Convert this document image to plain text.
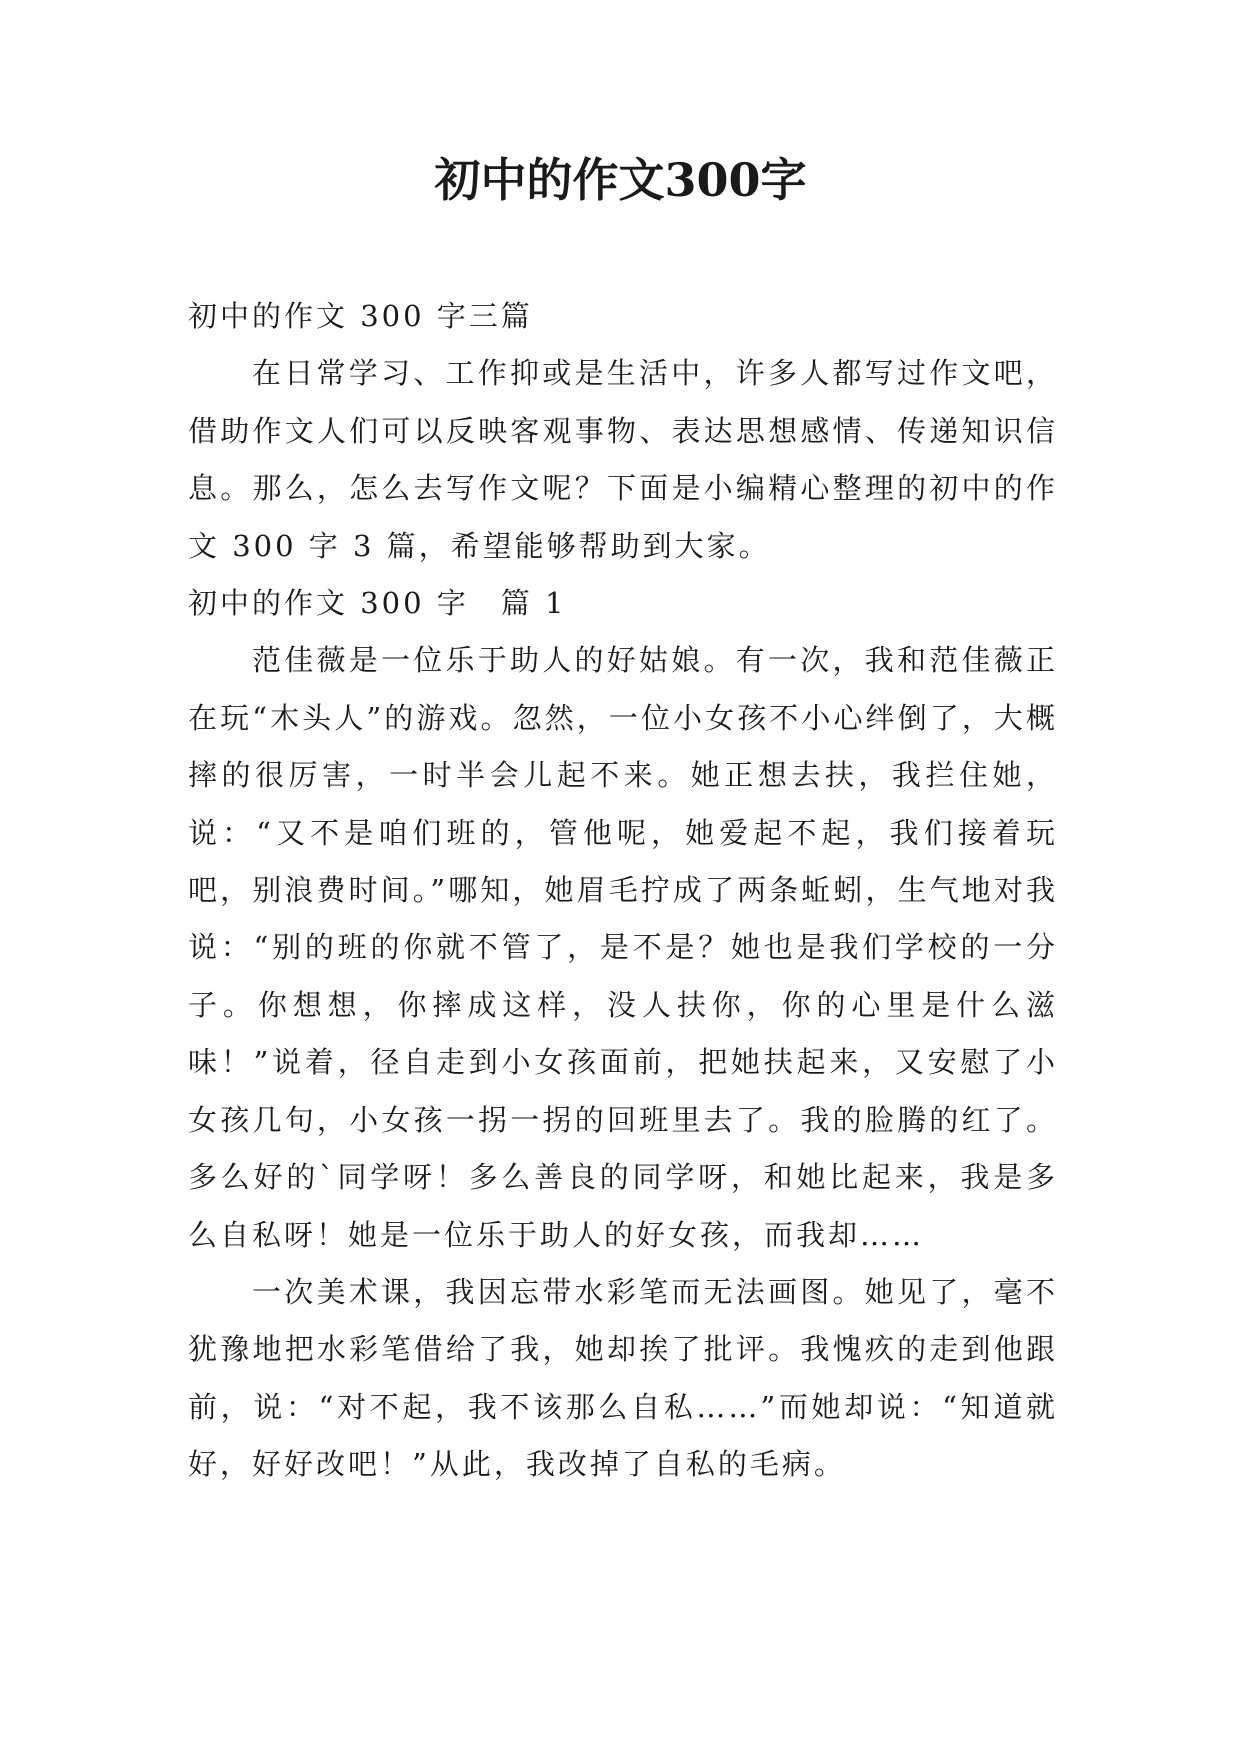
初中的作文300字

初中的作文 300 字三篇

在日常学习、工作抑或是生活中，许多人都写过作文吧，借助作文人们可以反映客观事物、表达思想感情、传递知识信息。那么，怎么去写作文呢？下面是小编精心整理的初中的作文 300 字 3 篇，希望能够帮助到大家。

初中的作文 300 字　篇 1

范佳薇是一位乐于助人的好姑娘。有一次，我和范佳薇正在玩“木头人”的游戏。忽然，一位小女孩不小心绊倒了，大概摔的很厉害，一时半会儿起不来。她正想去扶，我拦住她，说：“又不是咱们班的，管他呢，她爱起不起，我们接着玩吧，别浪费时间。”哪知，她眉毛拧成了两条蚯蚓，生气地对我说：“别的班的你就不管了，是不是？她也是我们学校的一分子。你想想，你摔成这样，没人扶你，你的心里是什么滋味！”说着，径自走到小女孩面前，把她扶起来，又安慰了小女孩几句，小女孩一拐一拐的回班里去了。我的脸腾的红了。多么好的`同学呀！多么善良的同学呀，和她比起来，我是多么自私呀！她是一位乐于助人的好女孩，而我却……

一次美术课，我因忘带水彩笔而无法画图。她见了，毫不犹豫地把水彩笔借给了我，她却挨了批评。我愧疚的走到他跟前，说：“对不起，我不该那么自私……”而她却说：“知道就好，好好改吧！”从此，我改掉了自私的毛病。
